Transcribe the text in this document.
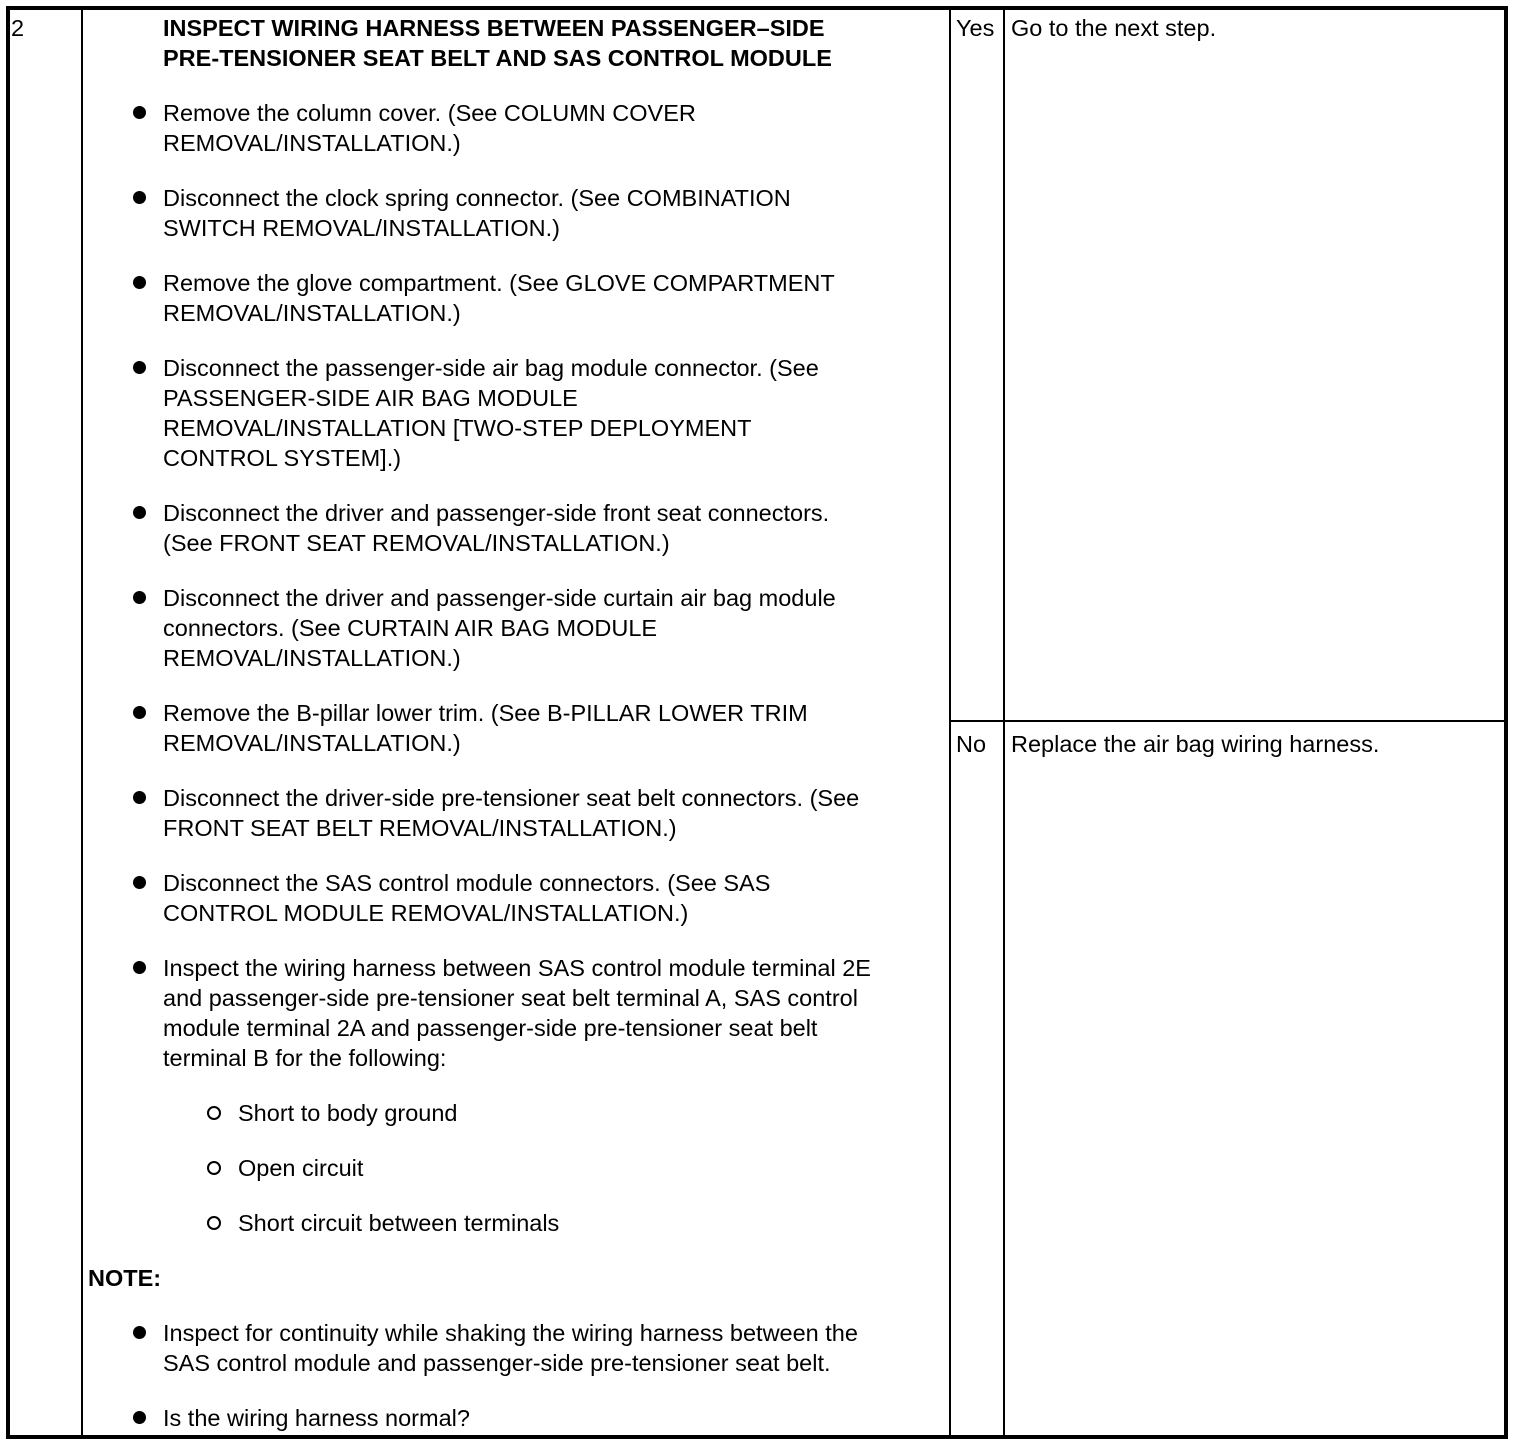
2	INSPECT WIRING HARNESS BETWEEN PASSENGER–SIDE
PRE-TENSIONER SEAT BELT AND SAS CONTROL MODULE
Remove the column cover. (See COLUMN COVER
REMOVAL/INSTALLATION.)
Disconnect the clock spring connector. (See COMBINATION
SWITCH REMOVAL/INSTALLATION.)
Remove the glove compartment. (See GLOVE COMPARTMENT
REMOVAL/INSTALLATION.)
Disconnect the passenger-side air bag module connector. (See
PASSENGER-SIDE AIR BAG MODULE
REMOVAL/INSTALLATION [TWO-STEP DEPLOYMENT
CONTROL SYSTEM].)
Disconnect the driver and passenger-side front seat connectors.
(See FRONT SEAT REMOVAL/INSTALLATION.)
Disconnect the driver and passenger-side curtain air bag module
connectors. (See CURTAIN AIR BAG MODULE
REMOVAL/INSTALLATION.)
Remove the B-pillar lower trim. (See B-PILLAR LOWER TRIM
REMOVAL/INSTALLATION.)
Disconnect the driver-side pre-tensioner seat belt connectors. (See
FRONT SEAT BELT REMOVAL/INSTALLATION.)
Disconnect the SAS control module connectors. (See SAS
CONTROL MODULE REMOVAL/INSTALLATION.)
Inspect the wiring harness between SAS control module terminal 2E
and passenger-side pre-tensioner seat belt terminal A, SAS control
module terminal 2A and passenger-side pre-tensioner seat belt
terminal B for the following:
Short to body ground
Open circuit
Short circuit between terminals
NOTE:
Inspect for continuity while shaking the wiring harness between the
SAS control module and passenger-side pre-tensioner seat belt.
Is the wiring harness normal?
Yes Go to the next step.
No Replace the air bag wiring harness.
